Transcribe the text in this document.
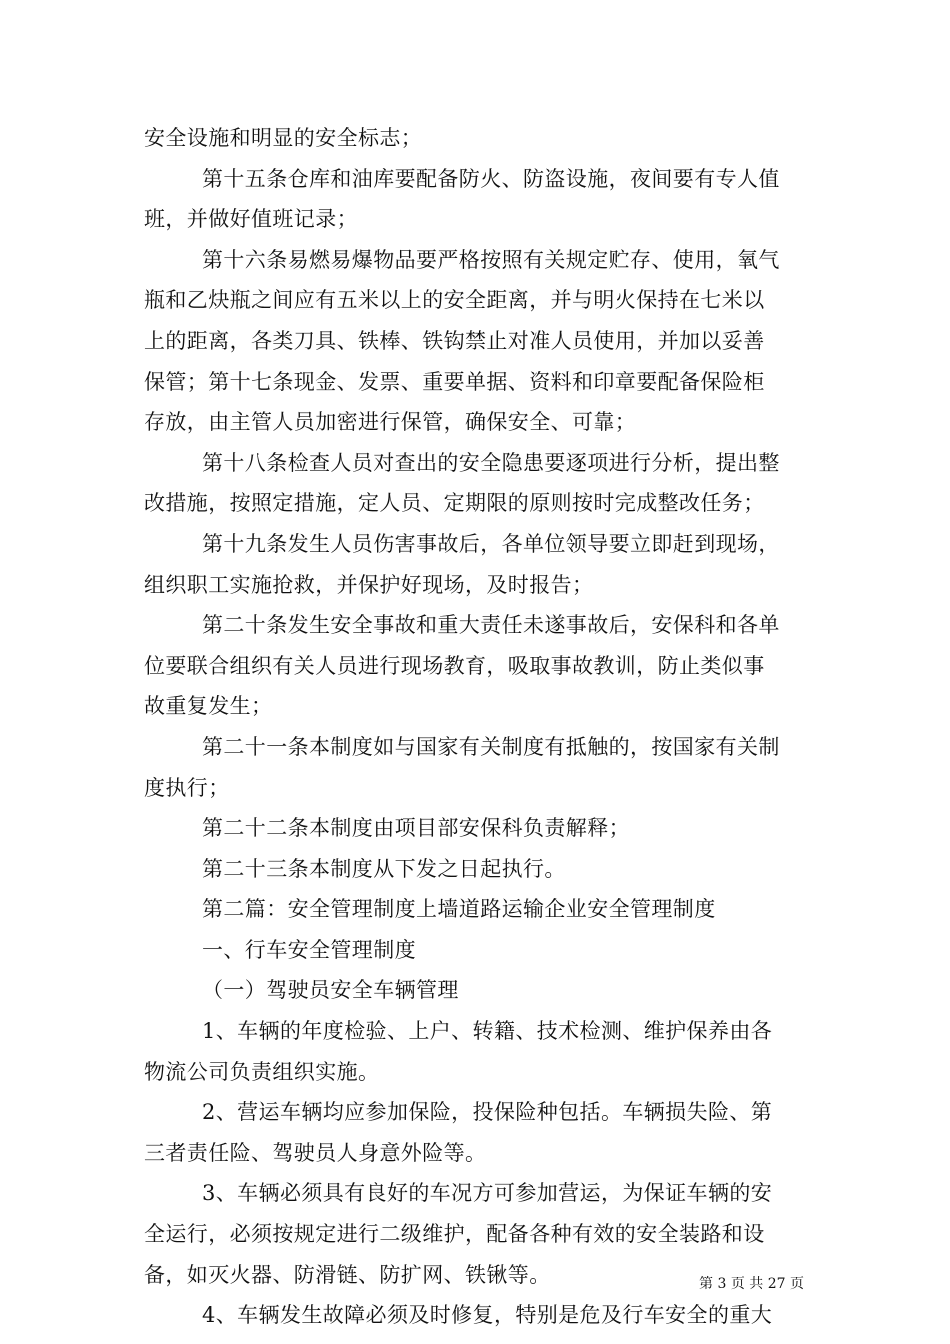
安全设施和明显的安全标志；
第十五条仓库和油库要配备防火、防盗设施，夜间要有专人值
班，并做好值班记录；
第十六条易燃易爆物品要严格按照有关规定贮存、使用，氧气
瓶和乙炔瓶之间应有五米以上的安全距离，并与明火保持在七米以
上的距离，各类刀具、铁棒、铁钩禁止对准人员使用，并加以妥善
保管；第十七条现金、发票、重要单据、资料和印章要配备保险柜
存放，由主管人员加密进行保管，确保安全、可靠；
第十八条检查人员对查出的安全隐患要逐项进行分析，提出整
改措施，按照定措施，定人员、定期限的原则按时完成整改任务；
第十九条发生人员伤害事故后，各单位领导要立即赶到现场，
组织职工实施抢救，并保护好现场，及时报告；
第二十条发生安全事故和重大责任未遂事故后，安保科和各单
位要联合组织有关人员进行现场教育，吸取事故教训，防止类似事
故重复发生；
第二十一条本制度如与国家有关制度有抵触的，按国家有关制
度执行；
第二十二条本制度由项目部安保科负责解释；
第二十三条本制度从下发之日起执行。
第二篇：安全管理制度上墙道路运输企业安全管理制度
一、行车安全管理制度
（一）驾驶员安全车辆管理
1、车辆的年度检验、上户、转籍、技术检测、维护保养由各
物流公司负责组织实施。
2、营运车辆均应参加保险，投保险种包括。车辆损失险、第
三者责任险、驾驶员人身意外险等。
3、车辆必须具有良好的车况方可参加营运，为保证车辆的安
全运行，必须按规定进行二级维护，配备各种有效的安全装路和设
备，如灭火器、防滑链、防扩网、铁锹等。
4、车辆发生故障必须及时修复，特别是危及行车安全的重大
第 3 页 共 27 页
